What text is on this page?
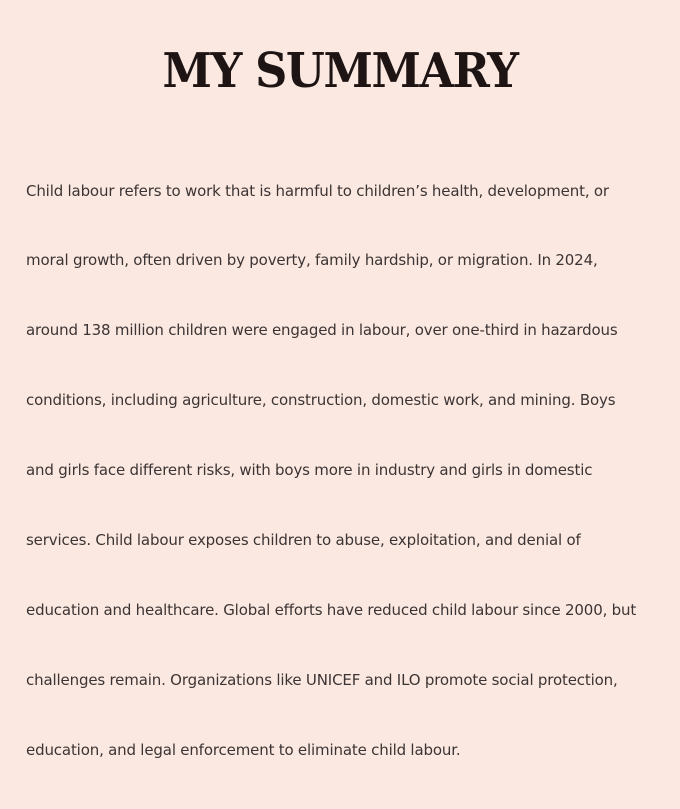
MY SUMMARY

Child labour refers to work that is harmful to children’s health, development, or

moral growth, often driven by poverty, family hardship, or migration. In 2024,

around 138 million children were engaged in labour, over one-third in hazardous

conditions, including agriculture, construction, domestic work, and mining. Boys

and girls face different risks, with boys more in industry and girls in domestic

services. Child labour exposes children to abuse, exploitation, and denial of

education and healthcare. Global efforts have reduced child labour since 2000, but

challenges remain. Organizations like UNICEF and ILO promote social protection,

education, and legal enforcement to eliminate child labour.
